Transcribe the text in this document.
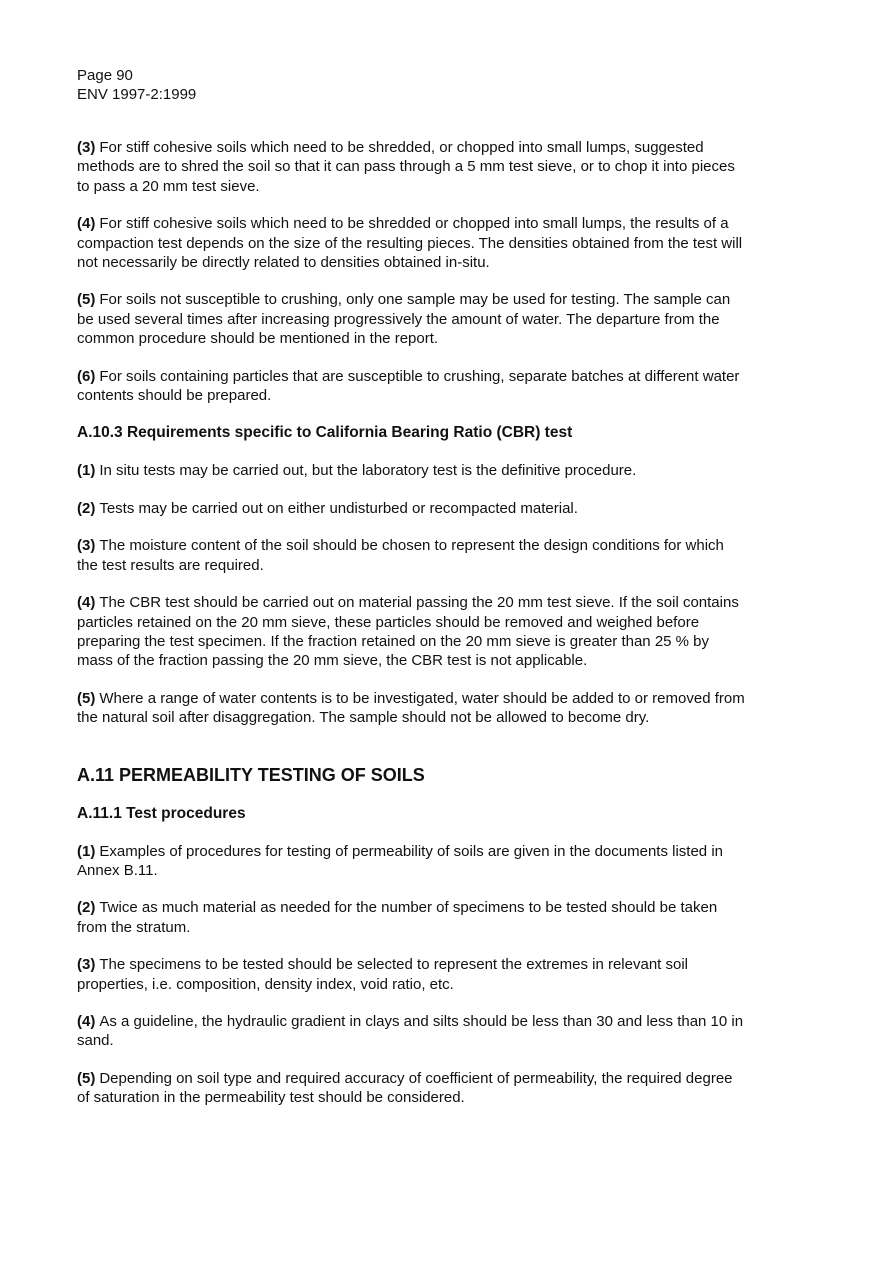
Page 90
ENV 1997-2:1999

(3) For stiff cohesive soils which need to be shredded, or chopped into small lumps, suggested methods are to shred the soil so that it can pass through a 5 mm test sieve, or to chop it into pieces to pass a 20 mm test sieve.

(4) For stiff cohesive soils which need to be shredded or chopped into small lumps, the results of a compaction test depends on the size of the resulting pieces. The densities obtained from the test will not necessarily be directly related to densities obtained in-situ.

(5) For soils not susceptible to crushing, only one sample may be used for testing. The sample can be used several times after increasing progressively the amount of water. The departure from the common procedure should be mentioned in the report.

(6) For soils containing particles that are susceptible to crushing, separate batches at different water contents should be prepared.

A.10.3 Requirements specific to California Bearing Ratio (CBR) test

(1) In situ tests may be carried out, but the laboratory test is the definitive procedure.

(2) Tests may be carried out on either undisturbed or recompacted material.

(3) The moisture content of the soil should be chosen to represent the design conditions for which the test results are required.

(4) The CBR test should be carried out on material passing the 20 mm test sieve. If the soil contains particles retained on the 20 mm sieve, these particles should be removed and weighed before preparing the test specimen. If the fraction retained on the 20 mm sieve is greater than 25 % by mass of the fraction passing the 20 mm sieve, the CBR test is not applicable.

(5) Where a range of water contents is to be investigated, water should be added to or removed from the natural soil after disaggregation. The sample should not be allowed to become dry.

A.11 PERMEABILITY TESTING OF SOILS
A.11.1 Test procedures

(1) Examples of procedures for testing of permeability of soils are given in the documents listed in Annex B.11.

(2) Twice as much material as needed for the number of specimens to be tested should be taken from the stratum.

(3) The specimens to be tested should be selected to represent the extremes in relevant soil properties, i.e. composition, density index, void ratio, etc.

(4) As a guideline, the hydraulic gradient in clays and silts should be less than 30 and less than 10 in sand.

(5) Depending on soil type and required accuracy of coefficient of permeability, the required degree of saturation in the permeability test should be considered.
